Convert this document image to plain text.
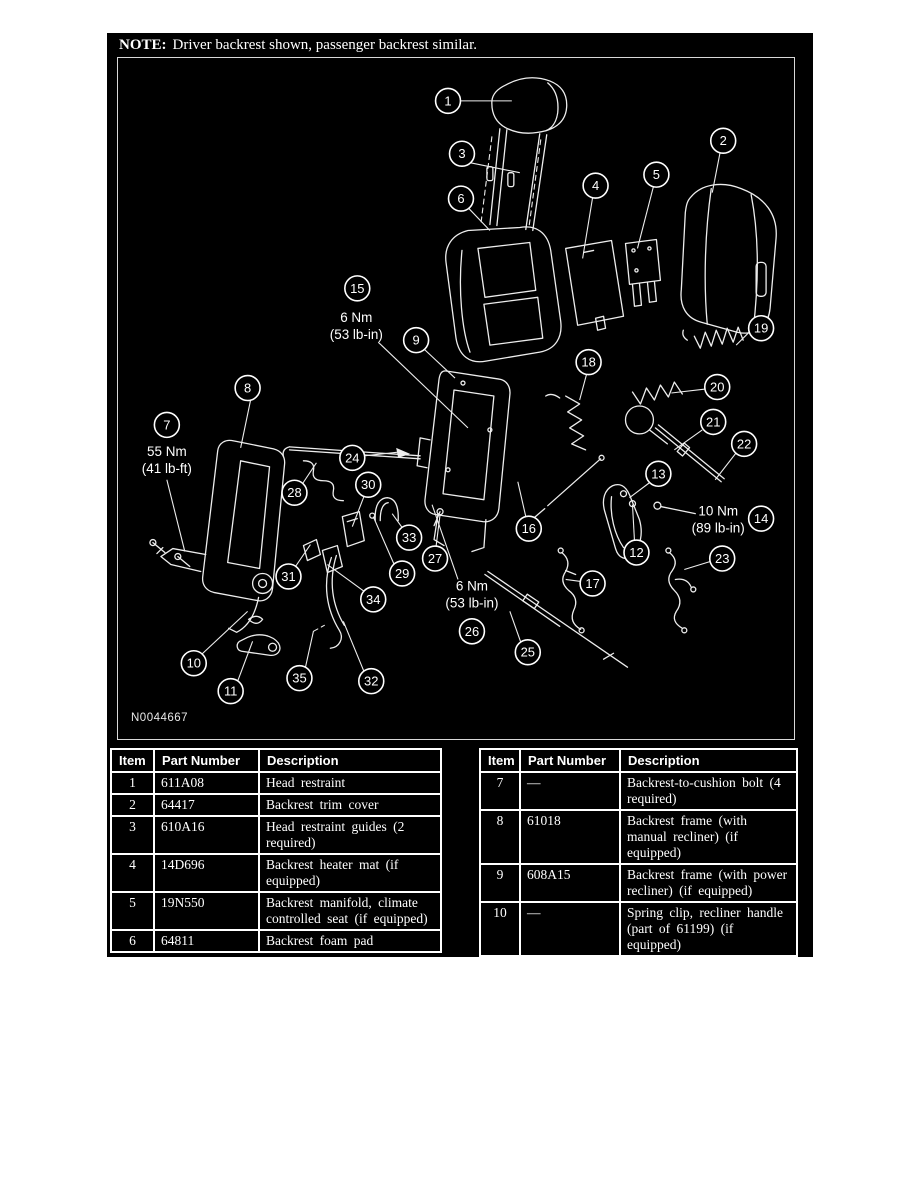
NOTE: Driver backrest shown, passenger backrest similar.
1
2
3
4
5
6
7
8
9
10
11
12
13
14
15
16
17
18
19
20
21
22
23
24
25
26
27
28
29
30
31
32
33
34
35
6 Nm
(53 lb-in)
55 Nm
(41 lb-ft)
6 Nm
(53 lb-in)
10 Nm
(89 lb-in)
N0044667
Item	Part Number	Description
1	611A08	Head restraint
2	64417	Backrest trim cover
3	610A16	Head restraint guides (2 required)
4	14D696	Backrest heater mat (if equipped)
5	19N550	Backrest manifold, climate controlled seat (if equipped)
6	64811	Backrest foam pad
(Continued)
Item	Part Number	Description
7	—	Backrest-to-cushion bolt (4 required)
8	61018	Backrest frame (with manual recliner) (if equipped)
9	608A15	Backrest frame (with power recliner) (if equipped)
10	—	Spring clip, recliner handle (part of 61199) (if equipped)
11	61199	Handle, recliner (if equipped)
(Continued)
